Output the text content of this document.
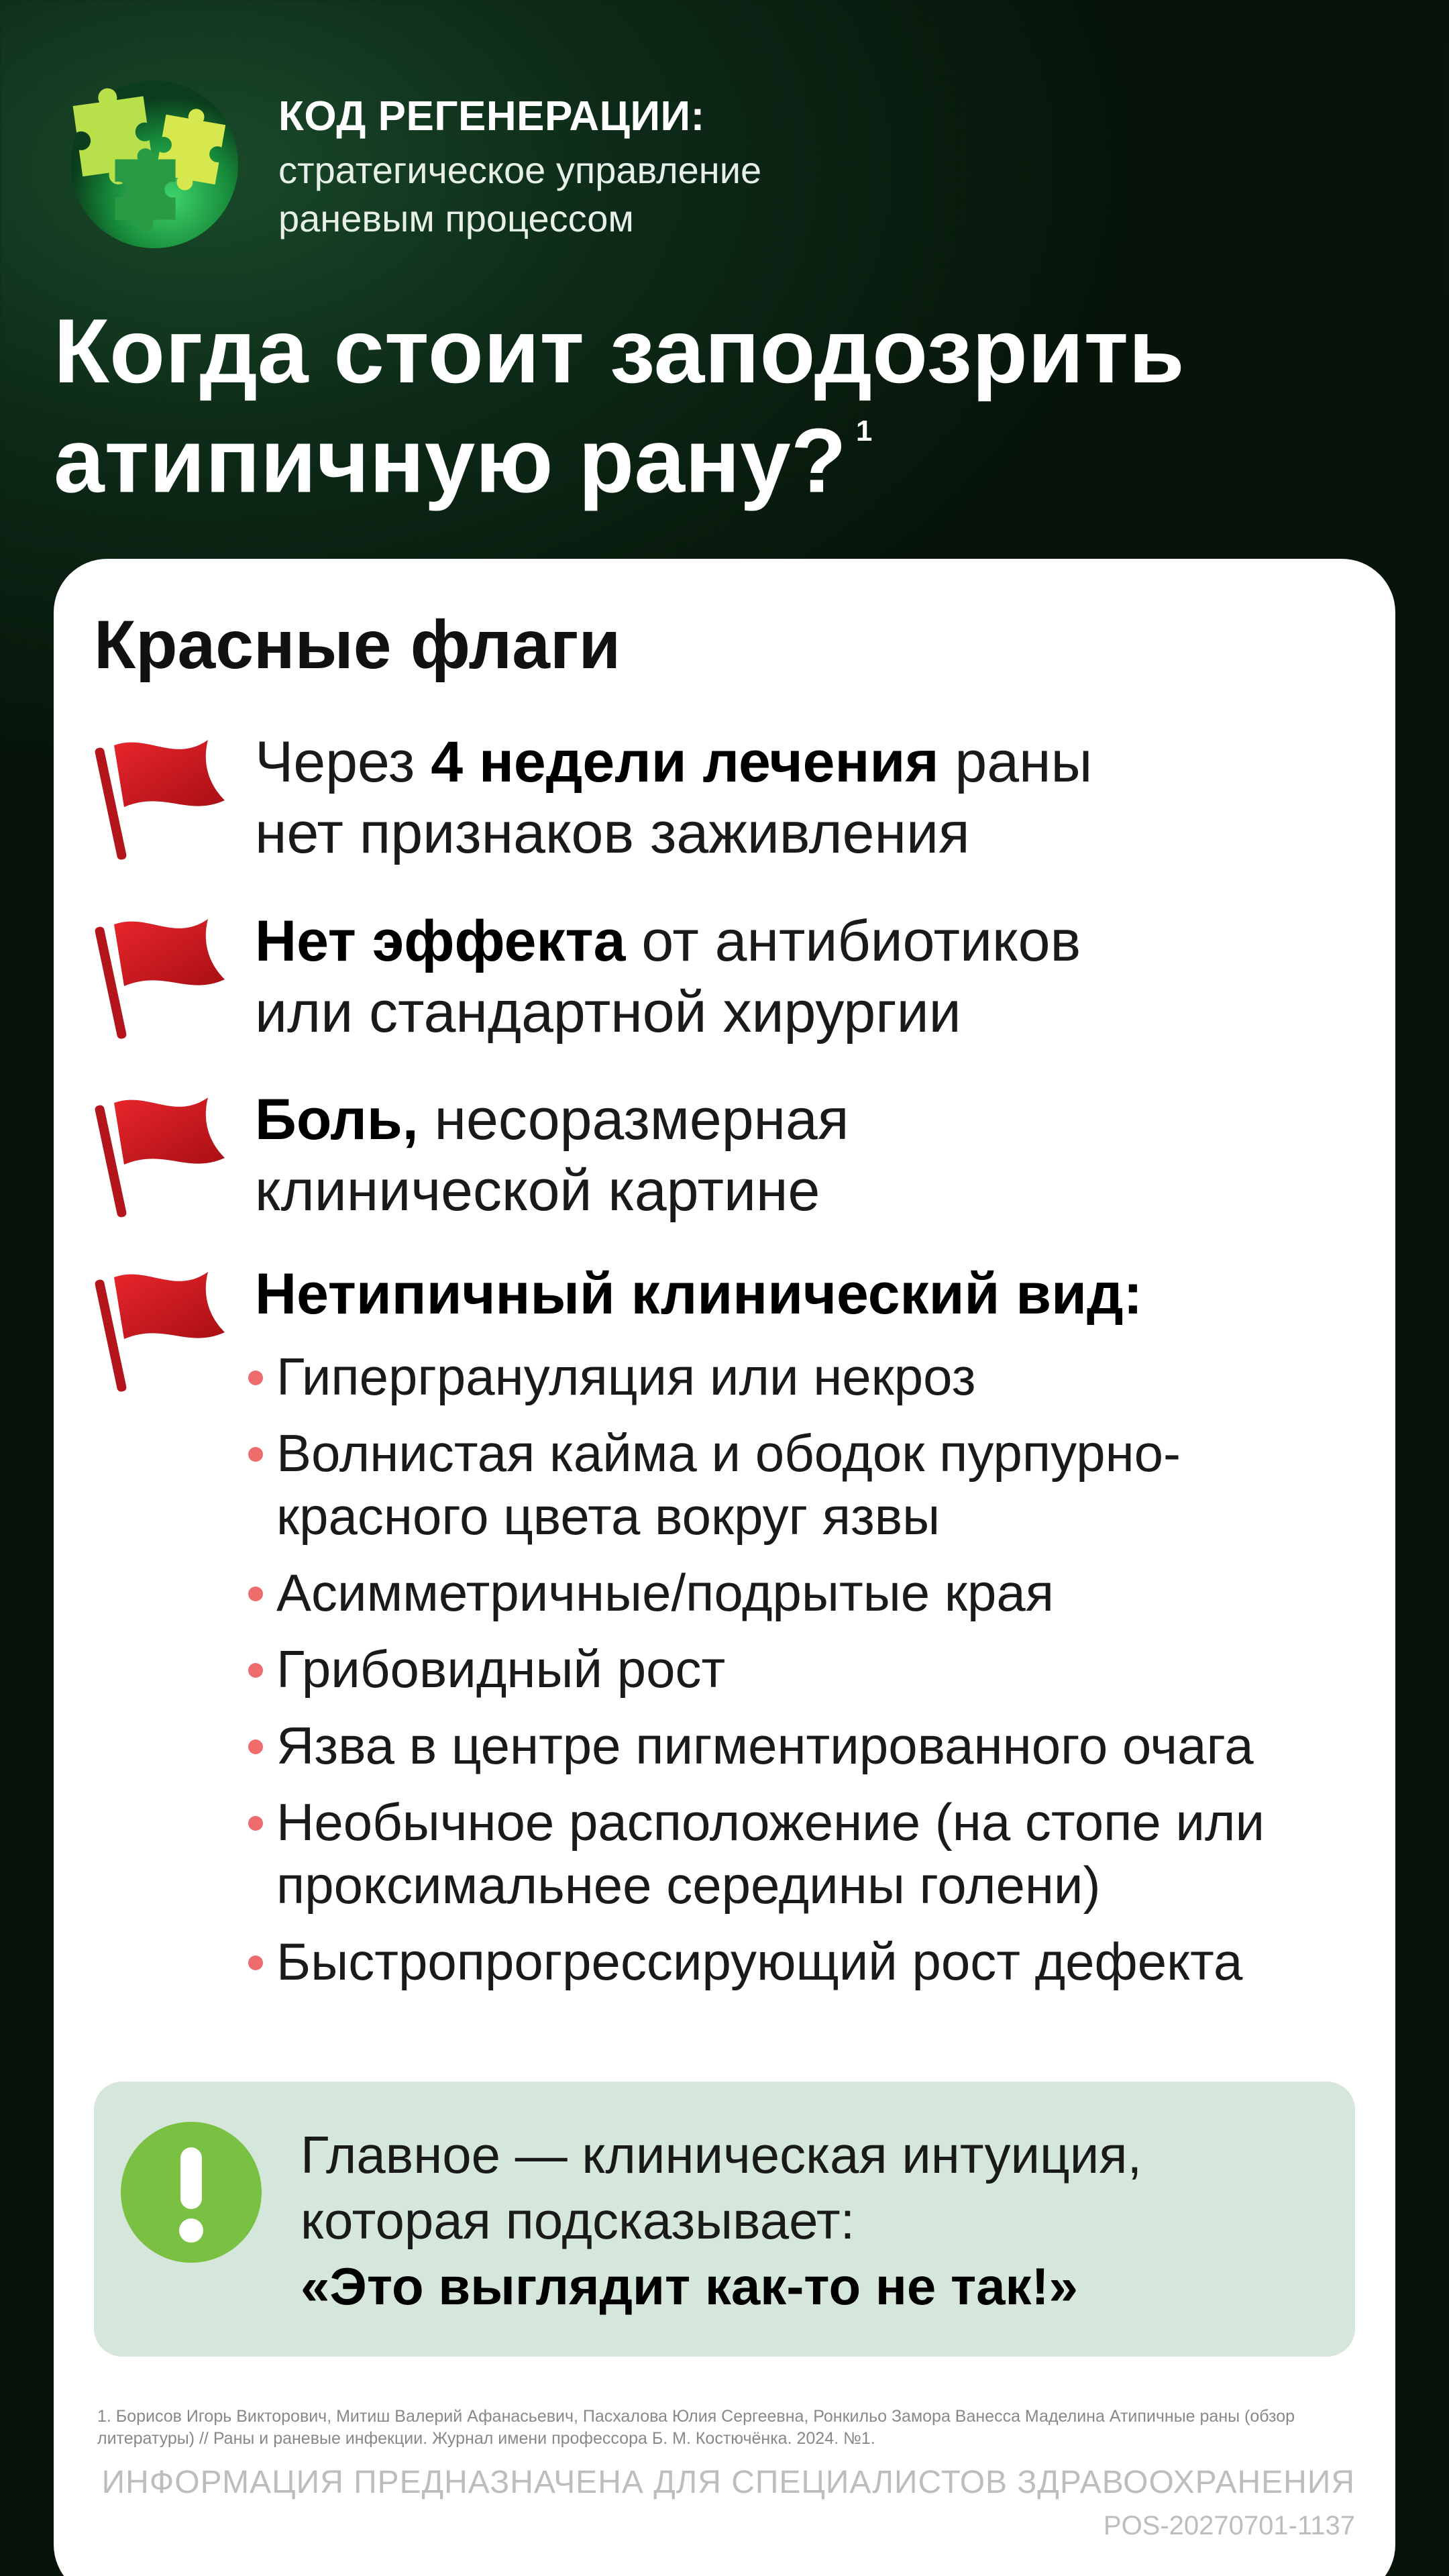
КОД РЕГЕНЕРАЦИИ:
стратегическое управление
раневым процессом
Когда стоит заподозрить
атипичную рану? $^1$
Красные флаги
Через 4 недели лечения раны
нет признаков заживления
Нет эффекта от антибиотиков
или стандартной хирургии
Боль, несоразмерная
клинической картине
Нетипичный клинический вид:
Гипергрануляция или некроз
Волнистая кайма и ободок пурпурно-красного цвета вокруг язвы
Асимметричные/подрытые края
Грибовидный рост
Язва в центре пигментированного очага
Необычное расположение (на стопе или проксимальнее середины голени)
Быстропрогрессирующий рост дефекта
Главное — клиническая интуиция,
которая подсказывает:
«Это выглядит как-то не так!»
1. Борисов Игорь Викторович, Митиш Валерий Афанасьевич, Пасхалова Юлия Сергеевна, Ронкильо Замора Ванесса Маделина Атипичные раны (обзор литературы) // Раны и раневые инфекции. Журнал имени профессора Б. М. Костючёнка. 2024. №1.
ИНФОРМАЦИЯ ПРЕДНАЗНАЧЕНА ДЛЯ СПЕЦИАЛИСТОВ ЗДРАВООХРАНЕНИЯ
POS-20270701-1137
